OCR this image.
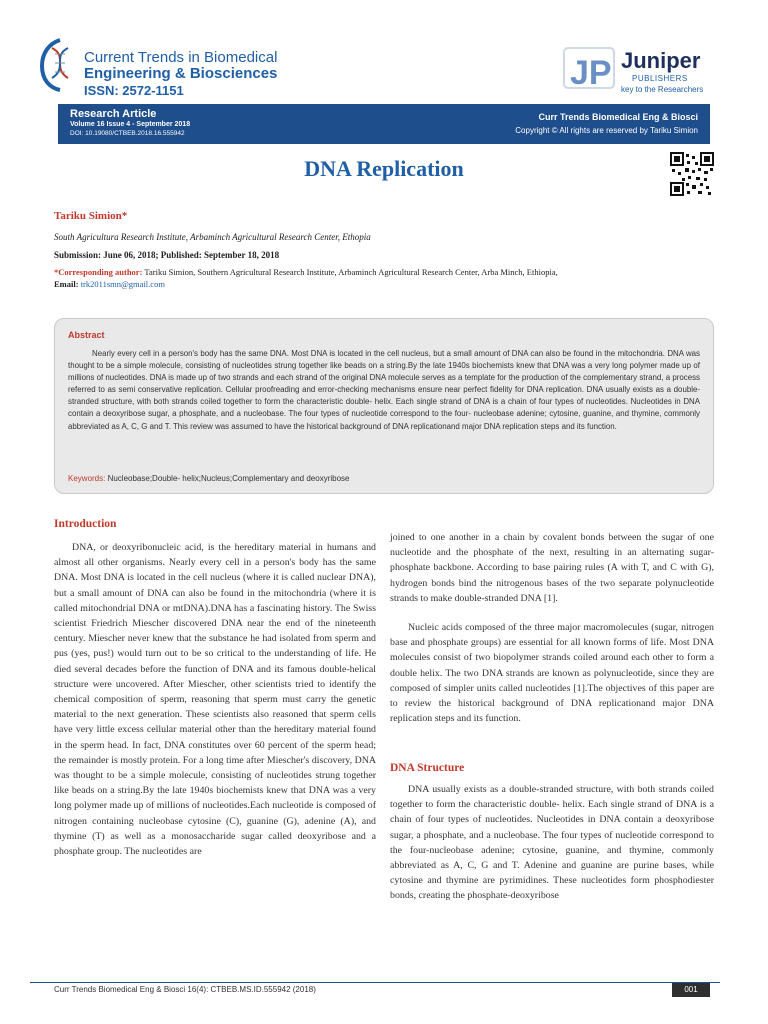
Current Trends in Biomedical
Engineering & Biosciences
ISSN: 2572-1151	JP Juniper
PUBLISHERS
key to the Researchers
Research Article
Volume 16 Issue 4 - September 2018
DOI: 10.19080/CTBEB.2018.16.555942
Curr Trends Biomedical Eng & Biosci
Copyright © All rights are reserved by Tariku Simion
DNA Replication
Tariku Simion*
South Agricultura Research Institute, Arbaminch Agricultural Research Center, Ethopia
Submission: June 06, 2018; Published: September 18, 2018
*Corresponding author: Tariku Simion, Southern Agricultural Research Institute, Arbaminch Agricultural Research Center, Arba Minch, Ethiopia,
Email: trk2011smn@gmail.com
Abstract
Nearly every cell in a person's body has the same DNA. Most DNA is located in the cell nucleus, but a small amount of DNA can also be found in the mitochondria. DNA was thought to be a simple molecule, consisting of nucleotides strung together like beads on a string.By the late 1940s biochemists knew that DNA was a very long polymer made up of millions of nucleotides. DNA is made up of two strands and each strand of the original DNA molecule serves as a template for the production of the complementary strand, a process referred to as semi conservative replication. Cellular proofreading and error-checking mechanisms ensure near perfect fidelity for DNA replication. DNA usually exists as a double-stranded structure, with both strands coiled together to form the characteristic double- helix. Each single strand of DNA is a chain of four types of nucleotides. Nucleotides in DNA contain a deoxyribose sugar, a phosphate, and a nucleobase. The four types of nucleotide correspond to the four- nucleobase adenine; cytosine, guanine, and thymine, commonly abbreviated as A, C, G and T. This review was assumed to have the historical background of DNA replicationand major DNA replication steps and its function.
Keywords: Nucleobase;Double- helix;Nucleus;Complementary and deoxyribose
Introduction

DNA, or deoxyribonucleic acid, is the hereditary material in humans and almost all other organisms. Nearly every cell in a person's body has the same DNA. Most DNA is located in the cell nucleus (where it is called nuclear DNA), but a small amount of DNA can also be found in the mitochondria (where it is called mitochondrial DNA or mtDNA).DNA has a fascinating history. The Swiss scientist Friedrich Miescher discovered DNA near the end of the nineteenth century. Miescher never knew that the substance he had isolated from sperm and pus (yes, pus!) would turn out to be so critical to the understanding of life. He died several decades before the function of DNA and its famous double-helical structure were uncovered. After Miescher, other scientists tried to identify the chemical composition of sperm, reasoning that sperm must carry the genetic material to the next generation. These scientists also reasoned that sperm cells have very little excess cellular material other than the hereditary material found in the sperm head. In fact, DNA constitutes over 60 percent of the sperm head; the remainder is mostly protein. For a long time after Miescher's discovery, DNA was thought to be a simple molecule, consisting of nucleotides strung together like beads on a string.By the late 1940s biochemists knew that DNA was a very long polymer made up of millions of nucleotides.Each nucleotide is composed of nitrogen containing nucleobase cytosine (C), guanine (G), adenine (A), and thymine (T) as well as a monosaccharide sugar called deoxyribose and a phosphate group. The nucleotides are

joined to one another in a chain by covalent bonds between the sugar of one nucleotide and the phosphate of the next, resulting in an alternating sugar-phosphate backbone. According to base pairing rules (A with T, and C with G), hydrogen bonds bind the nitrogenous bases of the two separate polynucleotide strands to make double-stranded DNA [1].

Nucleic acids composed of the three major macromolecules (sugar, nitrogen base and phosphate groups) are essential for all known forms of life. Most DNA molecules consist of two biopolymer strands coiled around each other to form a double helix. The two DNA strands are known as polynucleotide, since they are composed of simpler units called nucleotides [1].The objectives of this paper are to review the historical background of DNA replicationand major DNA replication steps and its function.

DNA Structure

DNA usually exists as a double-stranded structure, with both strands coiled together to form the characteristic double- helix. Each single strand of DNA is a chain of four types of nucleotides. Nucleotides in DNA contain a deoxyribose sugar, a phosphate, and a nucleobase. The four types of nucleotide correspond to the four-nucleobase adenine; cytosine, guanine, and thymine, commonly abbreviated as A, C, G and T. Adenine and guanine are purine bases, while cytosine and thymine are pyrimidines. These nucleotides form phosphodiester bonds, creating the phosphate-deoxyribose

Curr Trends Biomedical Eng & Biosci 16(4): CTBEB.MS.ID.555942 (2018)	001
